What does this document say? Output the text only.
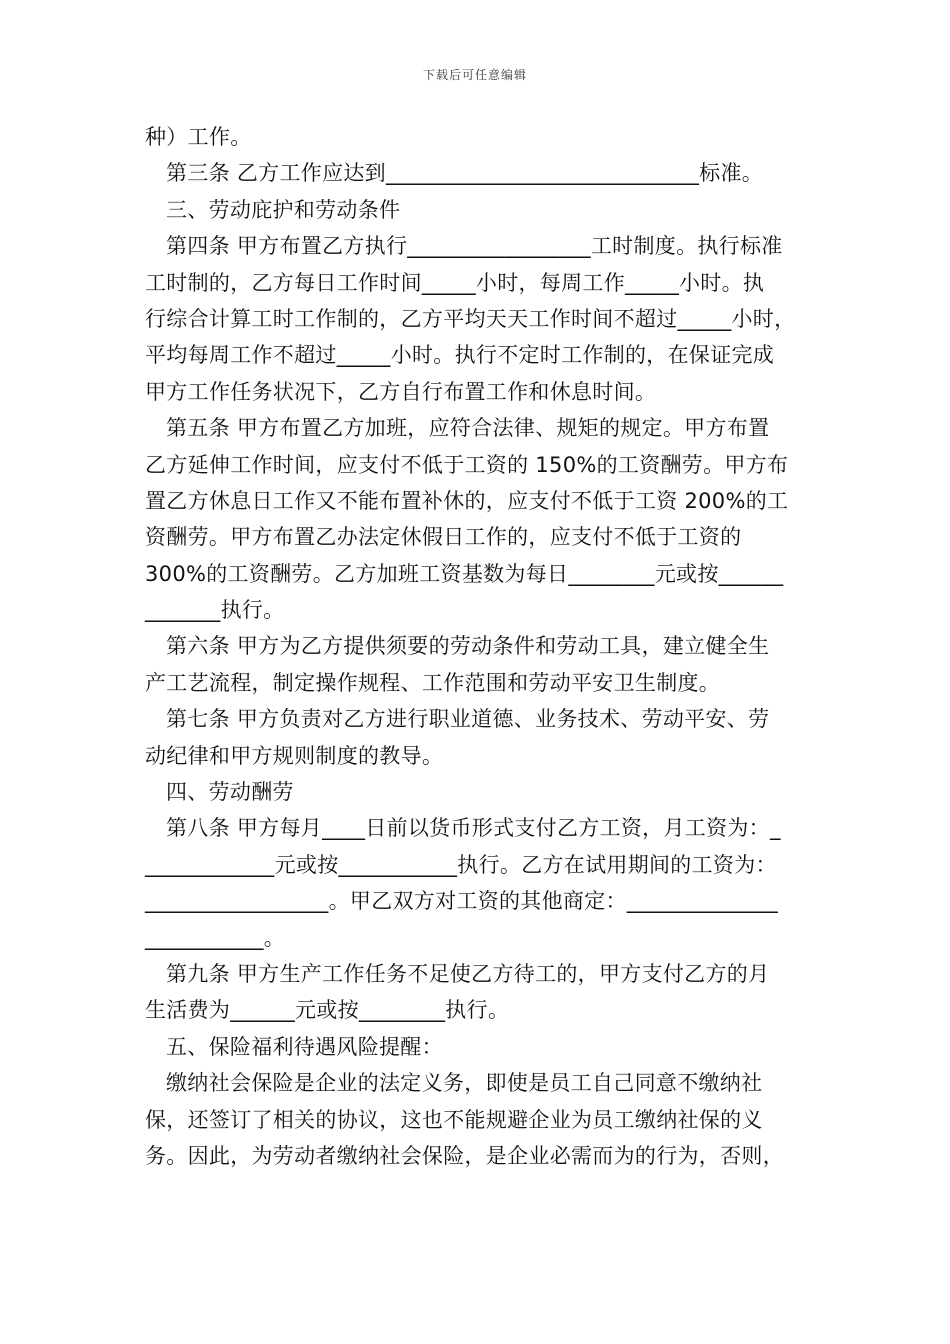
下载后可任意编辑
种）工作。
第三条 乙方工作应达到_____________________________标准。
三、劳动庇护和劳动条件
第四条 甲方布置乙方执行_________________工时制度。执行标准
工时制的，乙方每日工作时间_____小时，每周工作_____小时。执
行综合计算工时工作制的，乙方平均天天工作时间不超过_____小时，
平均每周工作不超过_____小时。执行不定时工作制的，在保证完成
甲方工作任务状况下，乙方自行布置工作和休息时间。
第五条 甲方布置乙方加班，应符合法律、规矩的规定。甲方布置
乙方延伸工作时间，应支付不低于工资的 150%的工资酬劳。甲方布
置乙方休息日工作又不能布置补休的，应支付不低于工资 200%的工
资酬劳。甲方布置乙办法定休假日工作的，应支付不低于工资的
300%的工资酬劳。乙方加班工资基数为每日________元或按______
_______执行。
第六条 甲方为乙方提供须要的劳动条件和劳动工具，建立健全生
产工艺流程，制定操作规程、工作范围和劳动平安卫生制度。
第七条 甲方负责对乙方进行职业道德、业务技术、劳动平安、劳
动纪律和甲方规则制度的教导。
四、劳动酬劳
第八条 甲方每月____日前以货币形式支付乙方工资，月工资为：_
____________元或按___________执行。乙方在试用期间的工资为：
_________________。甲乙双方对工资的其他商定：______________
___________。
第九条 甲方生产工作任务不足使乙方待工的，甲方支付乙方的月
生活费为______元或按________执行。
五、保险福利待遇风险提醒：
缴纳社会保险是企业的法定义务，即使是员工自己同意不缴纳社
保，还签订了相关的协议，这也不能规避企业为员工缴纳社保的义
务。因此，为劳动者缴纳社会保险，是企业必需而为的行为，否则，
